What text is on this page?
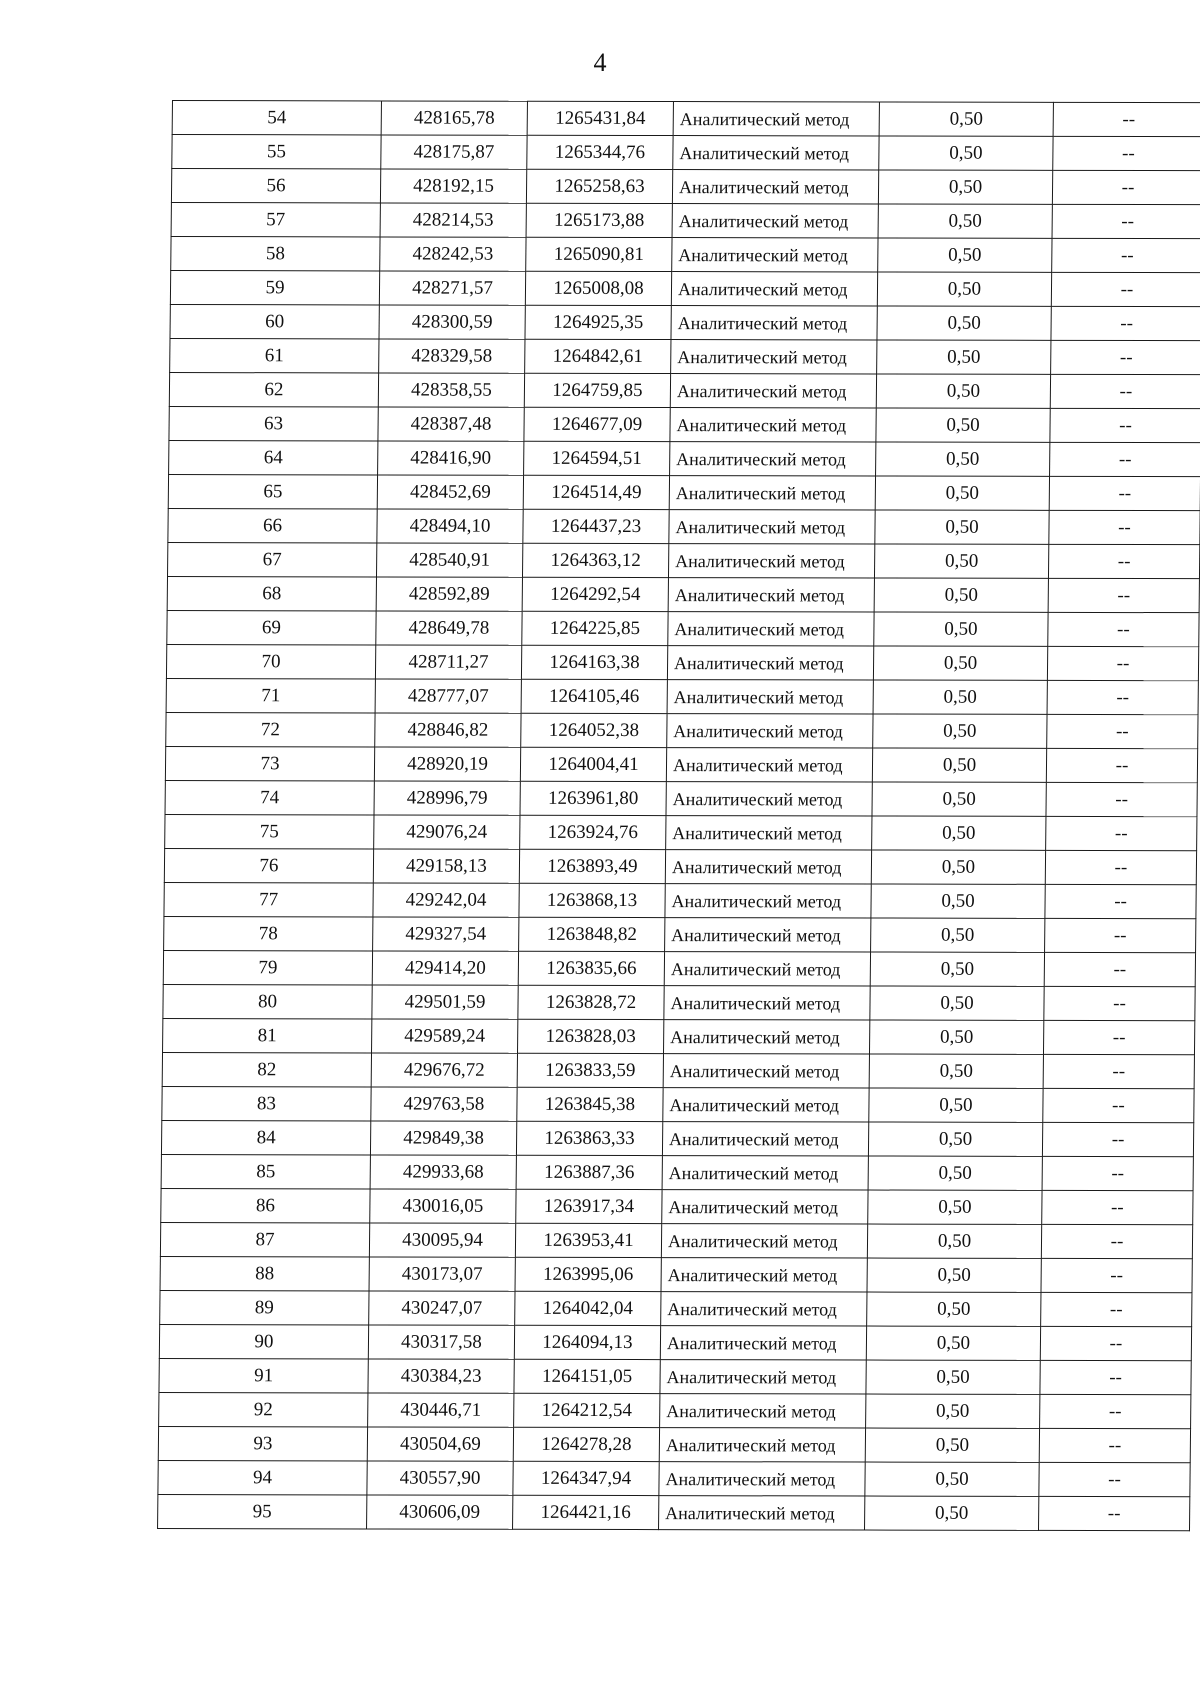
4
54	428165,78	1265431,84	Аналитический метод	0,50	--
55	428175,87	1265344,76	Аналитический метод	0,50	--
56	428192,15	1265258,63	Аналитический метод	0,50	--
57	428214,53	1265173,88	Аналитический метод	0,50	--
58	428242,53	1265090,81	Аналитический метод	0,50	--
59	428271,57	1265008,08	Аналитический метод	0,50	--
60	428300,59	1264925,35	Аналитический метод	0,50	--
61	428329,58	1264842,61	Аналитический метод	0,50	--
62	428358,55	1264759,85	Аналитический метод	0,50	--
63	428387,48	1264677,09	Аналитический метод	0,50	--
64	428416,90	1264594,51	Аналитический метод	0,50	--
65	428452,69	1264514,49	Аналитический метод	0,50	--
66	428494,10	1264437,23	Аналитический метод	0,50	--
67	428540,91	1264363,12	Аналитический метод	0,50	--
68	428592,89	1264292,54	Аналитический метод	0,50	--
69	428649,78	1264225,85	Аналитический метод	0,50	--
70	428711,27	1264163,38	Аналитический метод	0,50	--
71	428777,07	1264105,46	Аналитический метод	0,50	--
72	428846,82	1264052,38	Аналитический метод	0,50	--
73	428920,19	1264004,41	Аналитический метод	0,50	--
74	428996,79	1263961,80	Аналитический метод	0,50	--
75	429076,24	1263924,76	Аналитический метод	0,50	--
76	429158,13	1263893,49	Аналитический метод	0,50	--
77	429242,04	1263868,13	Аналитический метод	0,50	--
78	429327,54	1263848,82	Аналитический метод	0,50	--
79	429414,20	1263835,66	Аналитический метод	0,50	--
80	429501,59	1263828,72	Аналитический метод	0,50	--
81	429589,24	1263828,03	Аналитический метод	0,50	--
82	429676,72	1263833,59	Аналитический метод	0,50	--
83	429763,58	1263845,38	Аналитический метод	0,50	--
84	429849,38	1263863,33	Аналитический метод	0,50	--
85	429933,68	1263887,36	Аналитический метод	0,50	--
86	430016,05	1263917,34	Аналитический метод	0,50	--
87	430095,94	1263953,41	Аналитический метод	0,50	--
88	430173,07	1263995,06	Аналитический метод	0,50	--
89	430247,07	1264042,04	Аналитический метод	0,50	--
90	430317,58	1264094,13	Аналитический метод	0,50	--
91	430384,23	1264151,05	Аналитический метод	0,50	--
92	430446,71	1264212,54	Аналитический метод	0,50	--
93	430504,69	1264278,28	Аналитический метод	0,50	--
94	430557,90	1264347,94	Аналитический метод	0,50	--
95	430606,09	1264421,16	Аналитический метод	0,50	--
